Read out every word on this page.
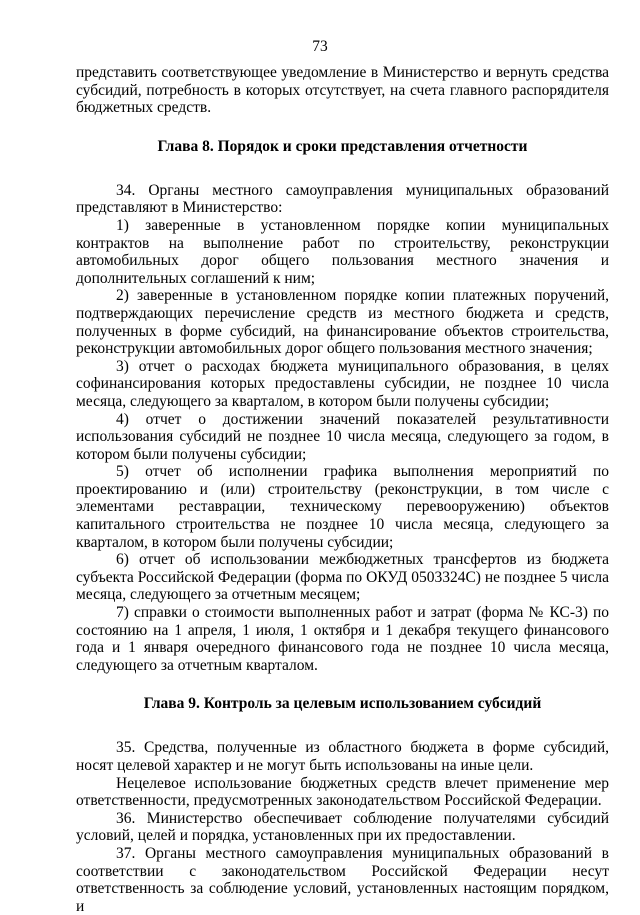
73

представить соответствующее уведомление в Министерство и вернуть средства субсидий, потребность в которых отсутствует, на счета главного распорядителя бюджетных средств.

Глава 8. Порядок и сроки представления отчетности

34. Органы местного самоуправления муниципальных образований представляют в Министерство:

1) заверенные в установленном порядке копии муниципальных контрактов на выполнение работ по строительству, реконструкции автомобильных дорог общего пользования местного значения и дополнительных соглашений к ним;

2) заверенные в установленном порядке копии платежных поручений, подтверждающих перечисление средств из местного бюджета и средств, полученных в форме субсидий, на финансирование объектов строительства, реконструкции автомобильных дорог общего пользования местного значения;

3) отчет о расходах бюджета муниципального образования, в целях софинансирования которых предоставлены субсидии, не позднее 10 числа месяца, следующего за кварталом, в котором были получены субсидии;

4) отчет о достижении значений показателей результативности использования субсидий не позднее 10 числа месяца, следующего за годом, в котором были получены субсидии;

5) отчет об исполнении графика выполнения мероприятий по проектированию и (или) строительству (реконструкции, в том числе с элементами реставрации, техническому перевооружению) объектов капитального строительства не позднее 10 числа месяца, следующего за кварталом, в котором были получены субсидии;

6) отчет об использовании межбюджетных трансфертов из бюджета субъекта Российской Федерации (форма по ОКУД 0503324С) не позднее 5 числа месяца, следующего за отчетным месяцем;

7) справки о стоимости выполненных работ и затрат (форма № КС-3) по состоянию на 1 апреля, 1 июля, 1 октября и 1 декабря текущего финансового года и 1 января очередного финансового года не позднее 10 числа месяца, следующего за отчетным кварталом.

Глава 9. Контроль за целевым использованием субсидий

35. Средства, полученные из областного бюджета в форме субсидий, носят целевой характер и не могут быть использованы на иные цели.

Нецелевое использование бюджетных средств влечет применение мер ответственности, предусмотренных законодательством Российской Федерации.

36. Министерство обеспечивает соблюдение получателями субсидий условий, целей и порядка, установленных при их предоставлении.

37. Органы местного самоуправления муниципальных образований в соответствии с законодательством Российской Федерации несут ответственность за соблюдение условий, установленных настоящим порядком, и
